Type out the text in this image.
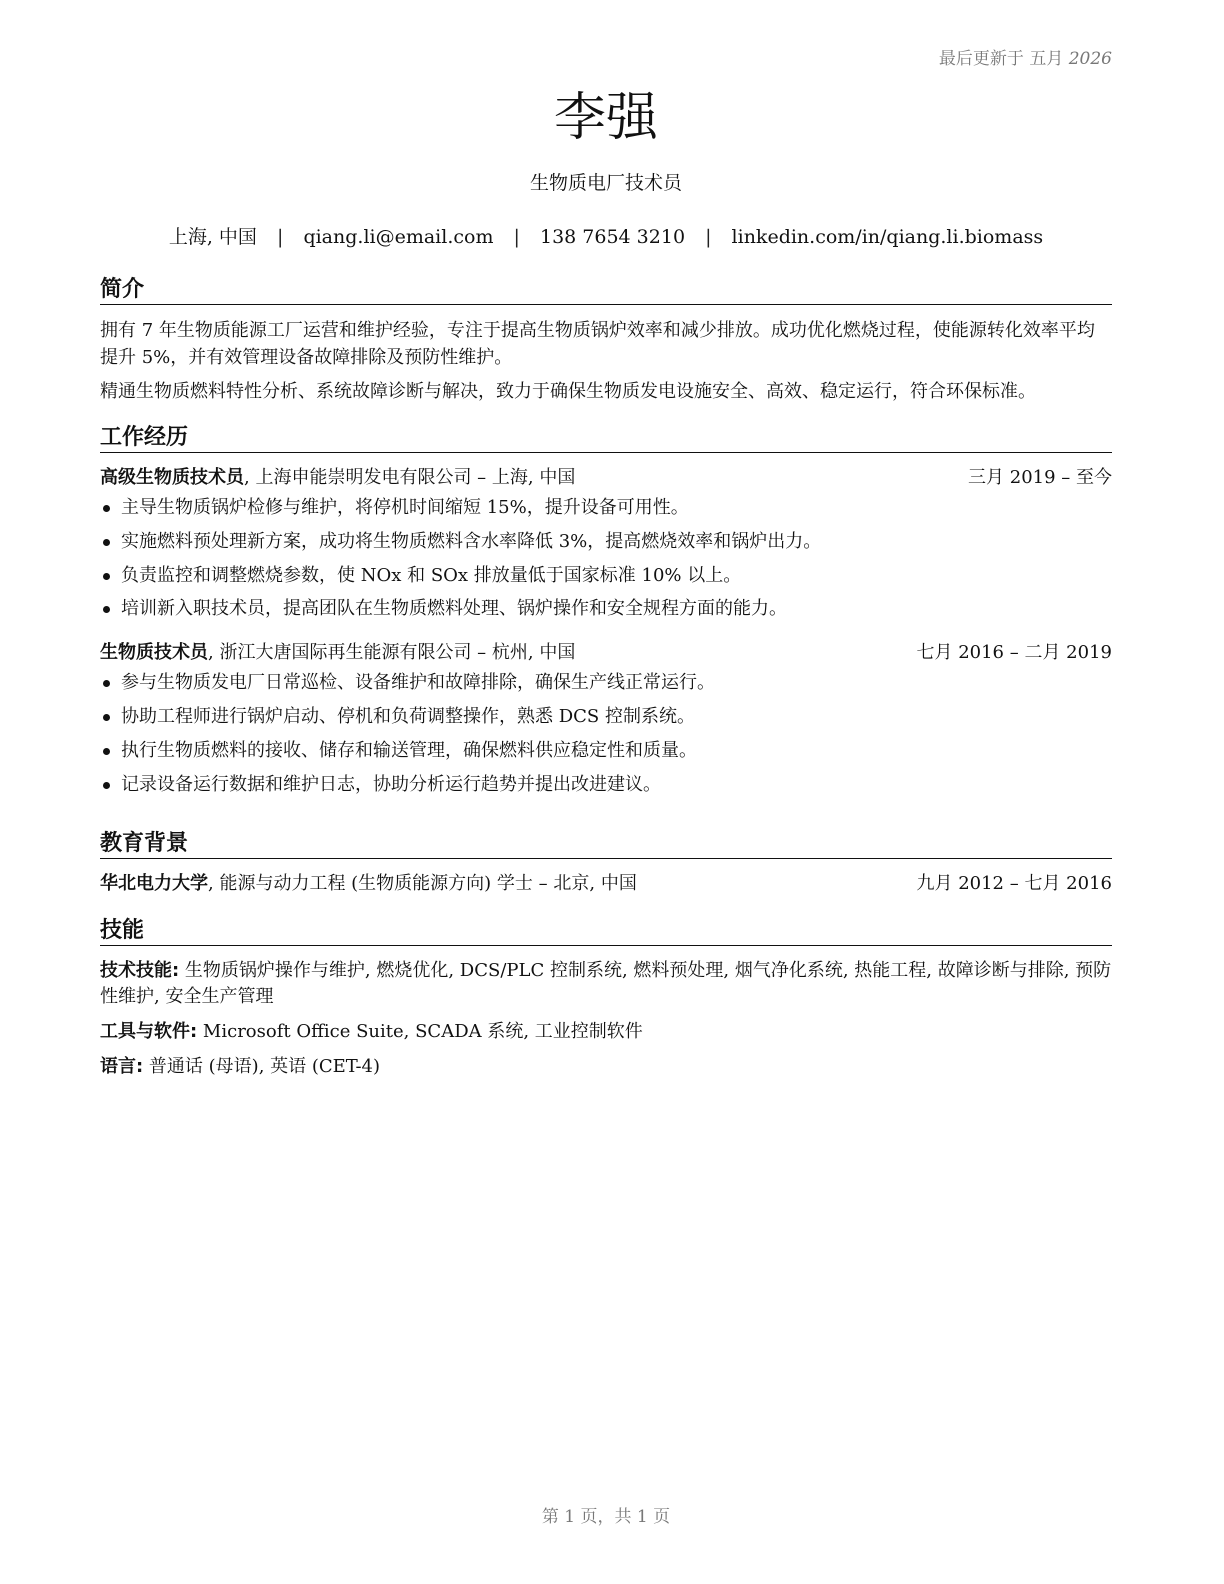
最后更新于 五月 2026
李强
生物质电厂技术员
上海, 中国 | qiang.li@email.com | 138 7654 3210 | linkedin.com/in/qiang.li.biomass
简介

拥有 7 年生物质能源工厂运营和维护经验，专注于提高生物质锅炉效率和减少排放。成功优化燃烧过程，使能源转化效率平均提升 5%，并有效管理设备故障排除及预防性维护。

精通生物质燃料特性分析、系统故障诊断与解决，致力于确保生物质发电设施安全、高效、稳定运行，符合环保标准。

工作经历
高级生物质技术员, 上海申能崇明发电有限公司 – 上海, 中国	三月 2019 – 至今
主导生物质锅炉检修与维护，将停机时间缩短 15%，提升设备可用性。
实施燃料预处理新方案，成功将生物质燃料含水率降低 3%，提高燃烧效率和锅炉出力。
负责监控和调整燃烧参数，使 NOx 和 SOx 排放量低于国家标准 10% 以上。
培训新入职技术员，提高团队在生物质燃料处理、锅炉操作和安全规程方面的能力。
生物质技术员, 浙江大唐国际再生能源有限公司 – 杭州, 中国	七月 2016 – 二月 2019
参与生物质发电厂日常巡检、设备维护和故障排除，确保生产线正常运行。
协助工程师进行锅炉启动、停机和负荷调整操作，熟悉 DCS 控制系统。
执行生物质燃料的接收、储存和输送管理，确保燃料供应稳定性和质量。
记录设备运行数据和维护日志，协助分析运行趋势并提出改进建议。
教育背景
华北电力大学, 能源与动力工程 (生物质能源方向) 学士 – 北京, 中国	九月 2012 – 七月 2016
技能

技术技能: 生物质锅炉操作与维护, 燃烧优化, DCS/PLC 控制系统, 燃料预处理, 烟气净化系统, 热能工程, 故障诊断与排除, 预防性维护, 安全生产管理

工具与软件: Microsoft Office Suite, SCADA 系统, 工业控制软件

语言: 普通话 (母语), 英语 (CET-4)

第 1 页，共 1 页
